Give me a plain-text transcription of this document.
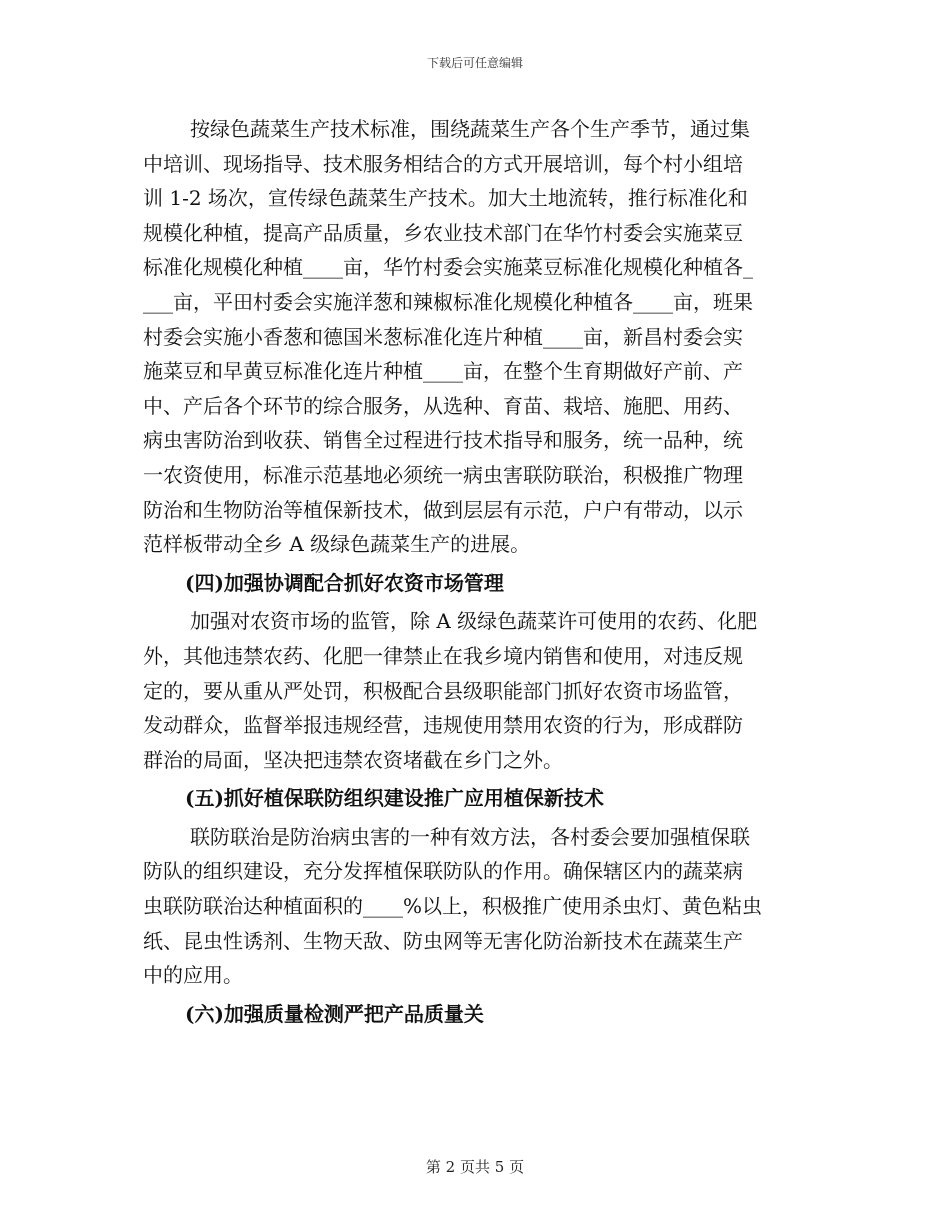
下载后可任意编辑
按绿色蔬菜生产技术标准，围绕蔬菜生产各个生产季节，通过集
中培训、现场指导、技术服务相结合的方式开展培训，每个村小组培
训 1-2 场次，宣传绿色蔬菜生产技术。加大土地流转，推行标准化和
规模化种植，提高产品质量，乡农业技术部门在华竹村委会实施菜豆
标准化规模化种植____亩，华竹村委会实施菜豆标准化规模化种植各_
___亩，平田村委会实施洋葱和辣椒标准化规模化种植各____亩，班果
村委会实施小香葱和德国米葱标准化连片种植____亩，新昌村委会实
施菜豆和早黄豆标准化连片种植____亩，在整个生育期做好产前、产
中、产后各个环节的综合服务，从选种、育苗、栽培、施肥、用药、
病虫害防治到收获、销售全过程进行技术指导和服务，统一品种，统
一农资使用，标准示范基地必须统一病虫害联防联治，积极推广物理
防治和生物防治等植保新技术，做到层层有示范，户户有带动，以示
范样板带动全乡 A 级绿色蔬菜生产的进展。
(四)加强协调配合抓好农资市场管理
加强对农资市场的监管，除 A 级绿色蔬菜许可使用的农药、化肥
外，其他违禁农药、化肥一律禁止在我乡境内销售和使用，对违反规
定的，要从重从严处罚，积极配合县级职能部门抓好农资市场监管，
发动群众，监督举报违规经营，违规使用禁用农资的行为，形成群防
群治的局面，坚决把违禁农资堵截在乡门之外。
(五)抓好植保联防组织建设推广应用植保新技术
联防联治是防治病虫害的一种有效方法，各村委会要加强植保联
防队的组织建设，充分发挥植保联防队的作用。确保辖区内的蔬菜病
虫联防联治达种植面积的____%以上，积极推广使用杀虫灯、黄色粘虫
纸、昆虫性诱剂、生物天敌、防虫网等无害化防治新技术在蔬菜生产
中的应用。
(六)加强质量检测严把产品质量关
第 2 页共 5 页
